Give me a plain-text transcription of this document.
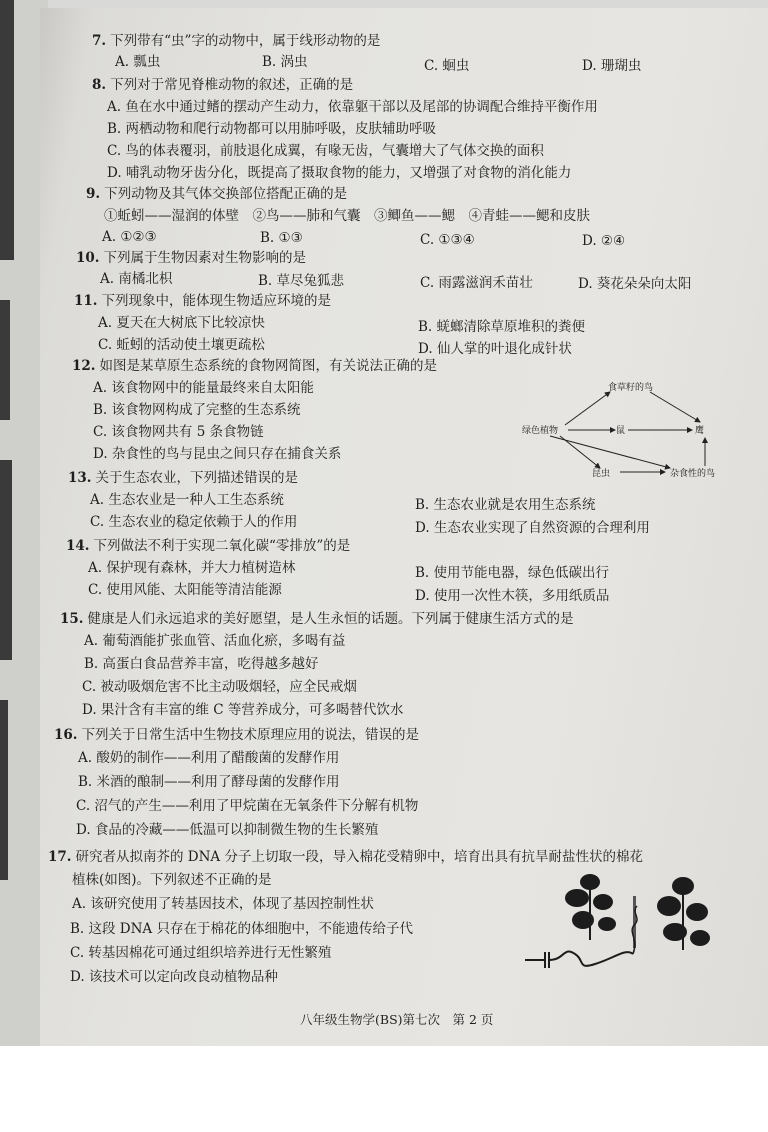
7. 下列带有“虫”字的动物中，属于线形动物的是
A. 瓢虫	B. 涡虫	C. 蛔虫	D. 珊瑚虫
8. 下列对于常见脊椎动物的叙述，正确的是
A. 鱼在水中通过鳍的摆动产生动力，依靠躯干部以及尾部的协调配合维持平衡作用
B. 两栖动物和爬行动物都可以用肺呼吸，皮肤辅助呼吸
C. 鸟的体表覆羽，前肢退化成翼，有喙无齿，气囊增大了气体交换的面积
D. 哺乳动物牙齿分化，既提高了摄取食物的能力，又增强了对食物的消化能力
9. 下列动物及其气体交换部位搭配正确的是
①蚯蚓——湿润的体壁　②鸟——肺和气囊　③鲫鱼——鳃　④青蛙——鳃和皮肤
A. ①②③	B. ①③	C. ①③④	D. ②④
10. 下列属于生物因素对生物影响的是
A. 南橘北枳	B. 草尽兔狐悲	C. 雨露滋润禾苗壮	D. 葵花朵朵向太阳
11. 下列现象中，能体现生物适应环境的是
A. 夏天在大树底下比较凉快	B. 蜣螂清除草原堆积的粪便
C. 蚯蚓的活动使土壤更疏松	D. 仙人掌的叶退化成针状
12. 如图是某草原生态系统的食物网简图，有关说法正确的是
A. 该食物网中的能量最终来自太阳能
B. 该食物网构成了完整的生态系统
C. 该食物网共有 5 条食物链
D. 杂食性的鸟与昆虫之间只存在捕食关系
食草籽的鸟
绿色植物	鼠	鹰
昆虫	杂食性的鸟
13. 关于生态农业，下列描述错误的是
A. 生态农业是一种人工生态系统	B. 生态农业就是农用生态系统
C. 生态农业的稳定依赖于人的作用	D. 生态农业实现了自然资源的合理利用
14. 下列做法不利于实现二氧化碳“零排放”的是
A. 保护现有森林，并大力植树造林	B. 使用节能电器，绿色低碳出行
C. 使用风能、太阳能等清洁能源	D. 使用一次性木筷，多用纸质品
15. 健康是人们永远追求的美好愿望，是人生永恒的话题。下列属于健康生活方式的是
A. 葡萄酒能扩张血管、活血化瘀，多喝有益
B. 高蛋白食品营养丰富，吃得越多越好
C. 被动吸烟危害不比主动吸烟轻，应全民戒烟
D. 果汁含有丰富的维 C 等营养成分，可多喝替代饮水
16. 下列关于日常生活中生物技术原理应用的说法，错误的是
A. 酸奶的制作——利用了醋酸菌的发酵作用
B. 米酒的酿制——利用了酵母菌的发酵作用
C. 沼气的产生——利用了甲烷菌在无氧条件下分解有机物
D. 食品的冷藏——低温可以抑制微生物的生长繁殖
17. 研究者从拟南芥的 DNA 分子上切取一段，导入棉花受精卵中，培育出具有抗旱耐盐性状的棉花
植株(如图)。下列叙述不正确的是
A. 该研究使用了转基因技术，体现了基因控制性状
B. 这段 DNA 只存在于棉花的体细胞中，不能遗传给子代
C. 转基因棉花可通过组织培养进行无性繁殖
D. 该技术可以定向改良动植物品种
八年级生物学(BS)第七次　第 2 页
